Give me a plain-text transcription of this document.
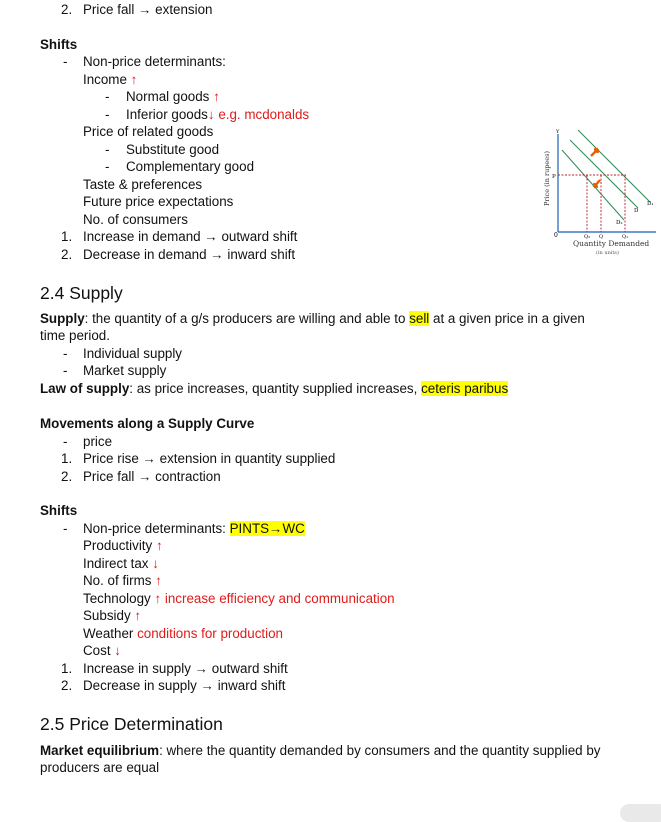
2. Price fall → extension
Shifts
- Non-price determinants:
Income ↑
- Normal goods ↑
- Inferior goods↓ e.g. mcdonalds
Price of related goods
- Substitute good
- Complementary good
Taste & preferences
Future price expectations
No. of consumers
1. Increase in demand → outward shift
2. Decrease in demand → inward shift
Y
0
Price (in rupees) P
D₁
D
D₂
Q₂ Q	Q₁
Quantity Demanded
(in units)
2.4 Supply
Supply: the quantity of a g/s producers are willing and able to sell at a given price in a given
time period.
- Individual supply
- Market supply
Law of supply: as price increases, quantity supplied increases, ceteris paribus
Movements along a Supply Curve
- price
1. Price rise → extension in quantity supplied
2. Price fall → contraction
Shifts
- Non-price determinants: PINTS→WC
Productivity ↑
Indirect tax ↓
No. of firms ↑
Technology ↑ increase efficiency and communication
Subsidy ↑
Weather conditions for production
Cost ↓
1. Increase in supply → outward shift
2. Decrease in supply → inward shift
2.5 Price Determination
Market equilibrium: where the quantity demanded by consumers and the quantity supplied by
producers are equal
